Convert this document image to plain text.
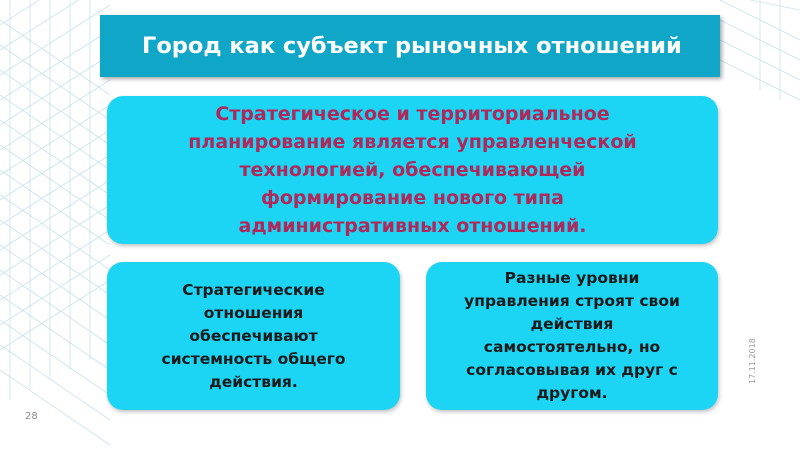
Город как субъект рыночных отношений
Стратегическое и территориальное
планирование является управленческой
технологией, обеспечивающей
формирование нового типа
административных отношений.
Стратегические
отношения
обеспечивают
системность общего
действия.
Разные уровни
управления строят свои
действия
самостоятельно, но
согласовывая их друг с
другом.
28
17.11.2018
